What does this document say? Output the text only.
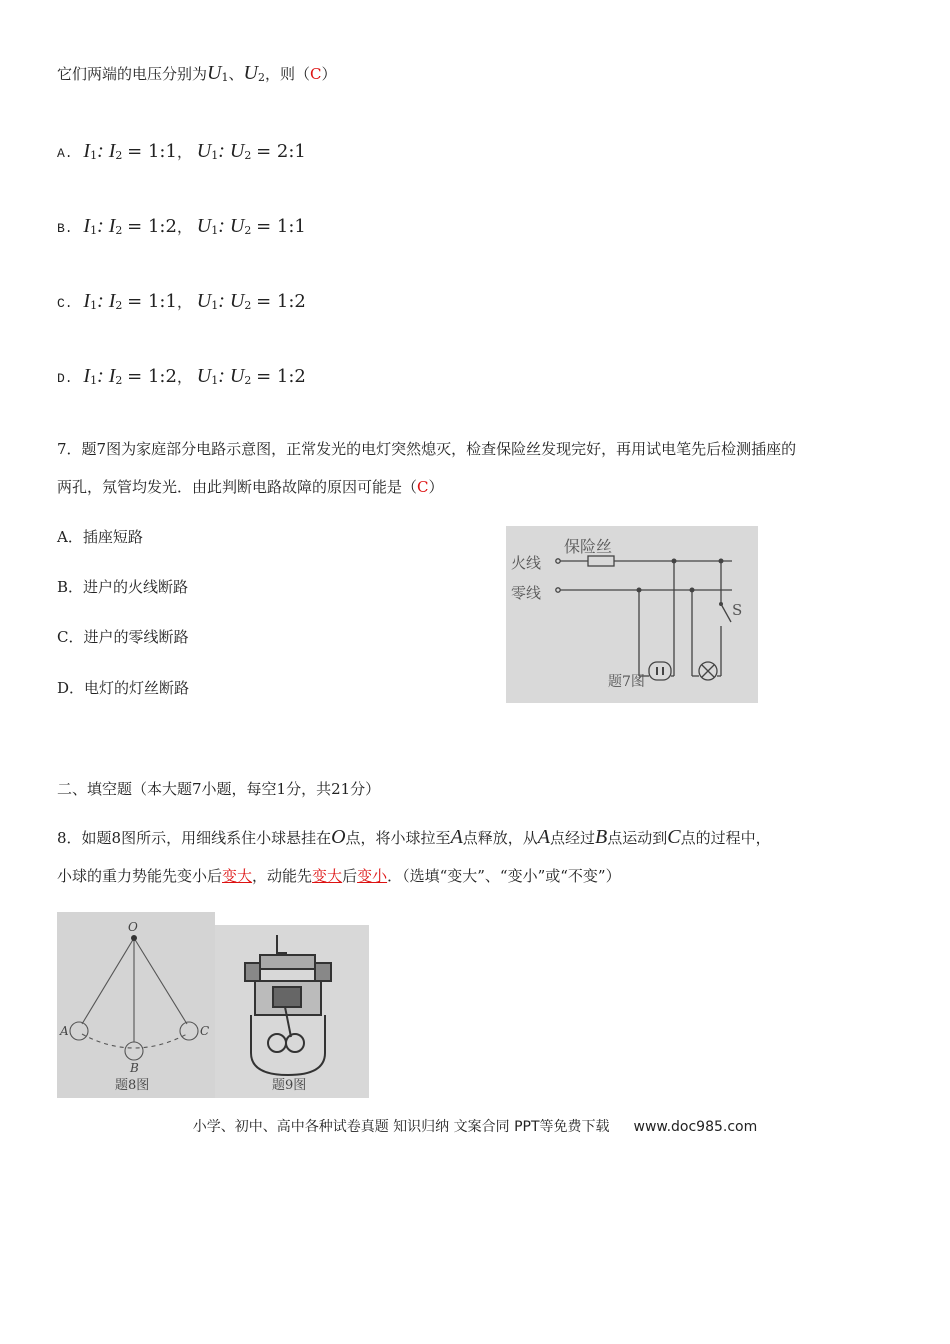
它们两端的电压分别为U1、U2，则（C）
A. I1: I2 = 1:1， U1: U2 = 2:1
B. I1: I2 = 1:2， U1: U2 = 1:1
C. I1: I2 = 1:1， U1: U2 = 1:2
D. I1: I2 = 1:2， U1: U2 = 1:2
7．题7图为家庭部分电路示意图，正常发光的电灯突然熄灭，检查保险丝发现完好，再用试电笔先后检测插座的
两孔，氖管均发光．由此判断电路故障的原因可能是（C）
A．插座短路
B．进户的火线断路
C．进户的零线断路
D．电灯的灯丝断路
火线
零线
保险丝
S
题7图
二、填空题（本大题7小题，每空1分，共21分）
8．如题8图所示，用细线系住小球悬挂在O点，将小球拉至A点释放，从A点经过B点运动到C点的过程中，
小球的重力势能先变小后变大，动能先变大后变小．（选填“变大”、“变小”或“不变”）
O
A
B
C
题8图	题9图
小学、初中、高中各种试卷真题 知识归纳 文案合同 PPT等免费下载 www.doc985.com
